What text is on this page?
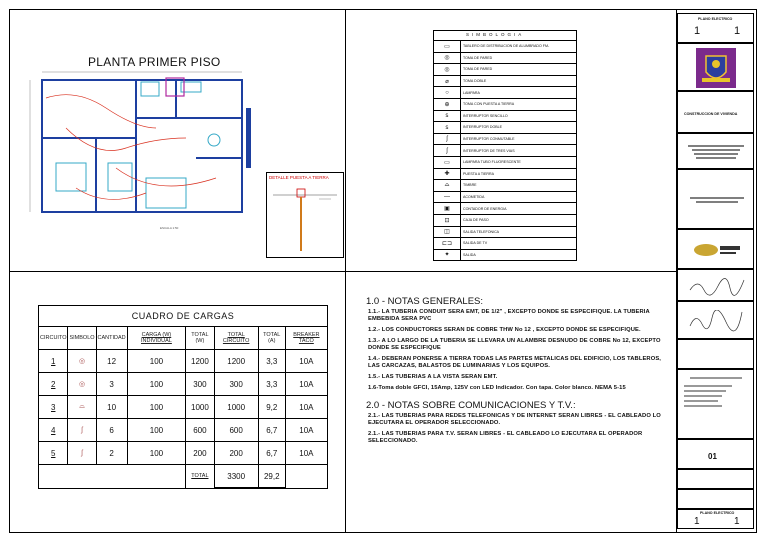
PLANTA PRIMER PISO
ESCALA 1:50
DETALLE PUESTA A TIERRA

▭	TABLERO DE DISTRIBUCION DE ALUMBRADO FM-
◎	TOMA DE PARED
◎	TOMA DE PARED
⌀	TOMA DOBLE
○	LAMPARA
⊕	TOMA CON PUESTA A TIERRA
ꜱ	INTERRUPTOR SENCILLO
ꜱ	INTERRUPTOR DOBLE
ʃ	INTERRUPTOR CONMUTABLE
ʃ	INTERRUPTOR DE TRES VIAS
▭	LAMPARA TUBO FLUORESCENTE
✚	PUESTA A TIERRA
⌓	TIMBRE
—	ACOMETIDA
▣	CONTADOR DE ENERGIA
⊡	CAJA DE PASO
◫	SALIDA TELEFONICA
⊏⊐	SALIDA DE TV
✦	SALIDA
SIMBOLOGIA
CUADRO DE CARGAS
CIRCUITO	SIMBOLO	CANTIDAD	CARGA (W) INDIVIDUAL	TOTAL (W)	TOTAL CIRCUITO	TOTAL (A)	BREAKER TACO
1	◎	12	100	1200	1200	3,3	10A
2	◎	3	100	300	300	3,3	10A
3	⌓	10	100	1000	1000	9,2	10A
4	ʃ	6	100	600	600	6,7	10A
5	ʃ	2	100	200	200	6,7	10A
				TOTAL	3300	29,2	
1.0 - NOTAS GENERALES:
1.1.- LA TUBERIA CONDUIT SERA EMT, DE 1/2" , EXCEPTO DONDE SE ESPECIFIQUE. LA TUBERIA EMBEBIDA SERA PVC
1.2.- LOS CONDUCTORES SERAN DE COBRE THW No 12 , EXCEPTO DONDE SE ESPECIFIQUE.
1.3.- A LO LARGO DE LA TUBERIA SE LLEVARA UN ALAMBRE DESNUDO DE COBRE No 12, EXCEPTO DONDE SE ESPECIFIQUE
1.4.- DEBERAN PONERSE A TIERRA TODAS LAS PARTES METALICAS DEL EDIFICIO, LOS TABLEROS, LAS CARCAZAS, BALASTOS DE LUMINARIAS Y LOS EQUIPOS.
1.5.- LAS TUBERIAS A LA VISTA SERAN EMT.
1.6-Toma doble GFCI, 15Amp, 125V con LED Indicador. Con tapa. Color blanco. NEMA 5-15
2.0 - NOTAS SOBRE COMUNICACIONES Y T.V.:
2.1.- LAS TUBERIAS PARA REDES TELEFONICAS Y DE INTERNET SERAN LIBRES - EL CABLEADO LO EJECUTARA EL OPERADOR SELECCIONADO.
2.1.- LAS TUBERIAS PARA T.V. SERAN LIBRES - EL CABLEADO LO EJECUTARA EL OPERADOR SELECCIONADO.
PLANO ELECTRICO
1	1
CONSTRUCCION DE VIVIENDA
01
PLANO ELECTRICO
1	1
